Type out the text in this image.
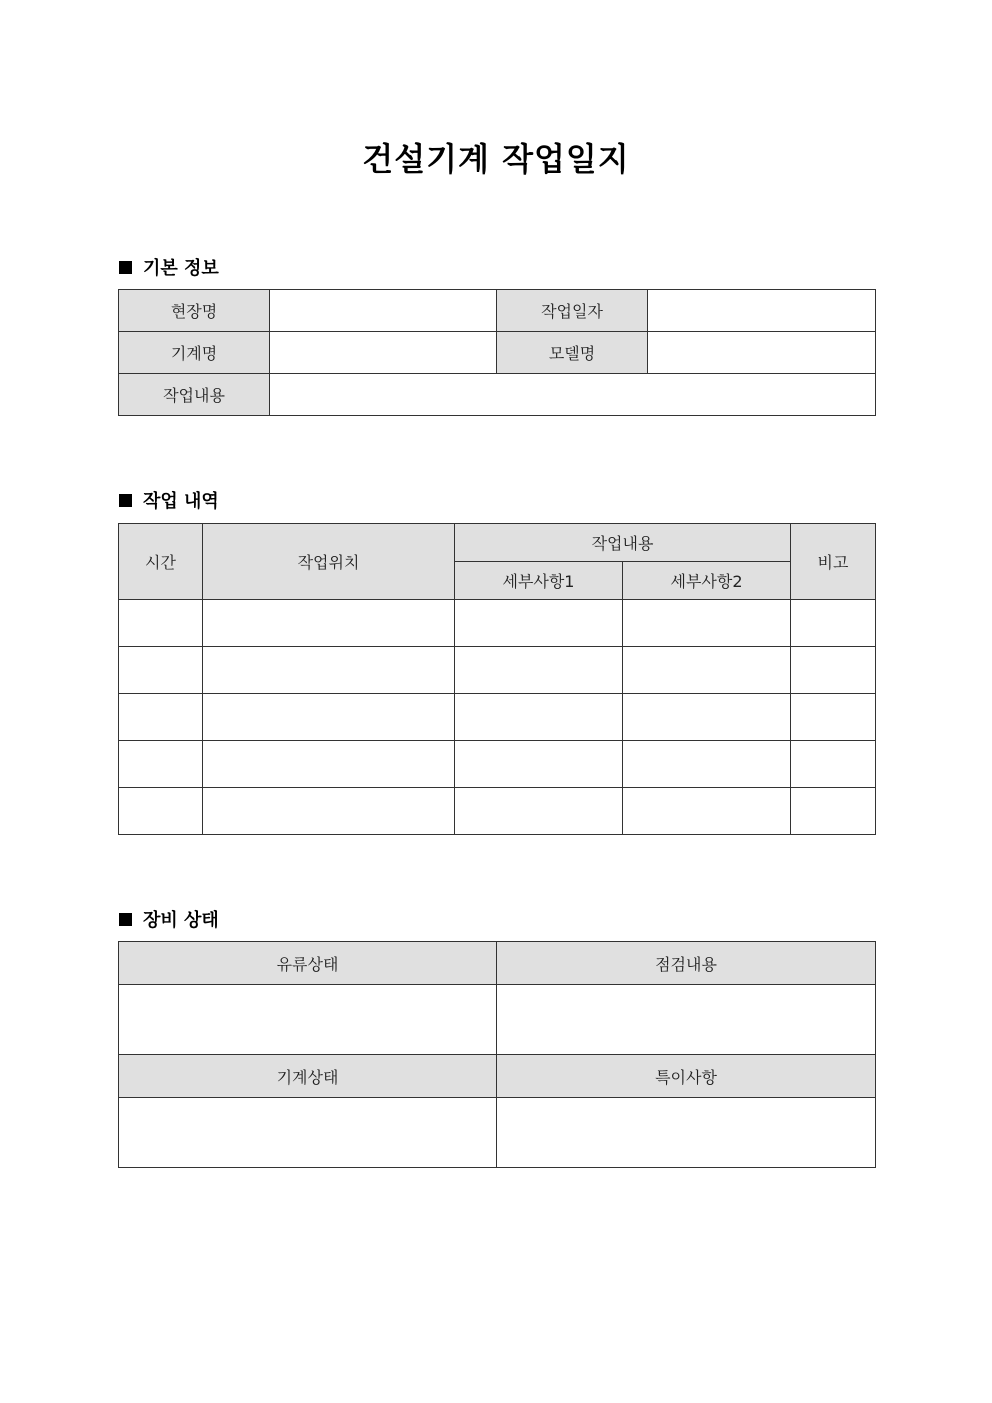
건설기계 작업일지
기본 정보
현장명		작업일자	
기계명		모델명	
작업내용			
작업 내역
시간	작업위치	작업내용		비고
		세부사항1	세부사항2	

장비 상태
유류상태	점검내용

기계상태	특이사항
